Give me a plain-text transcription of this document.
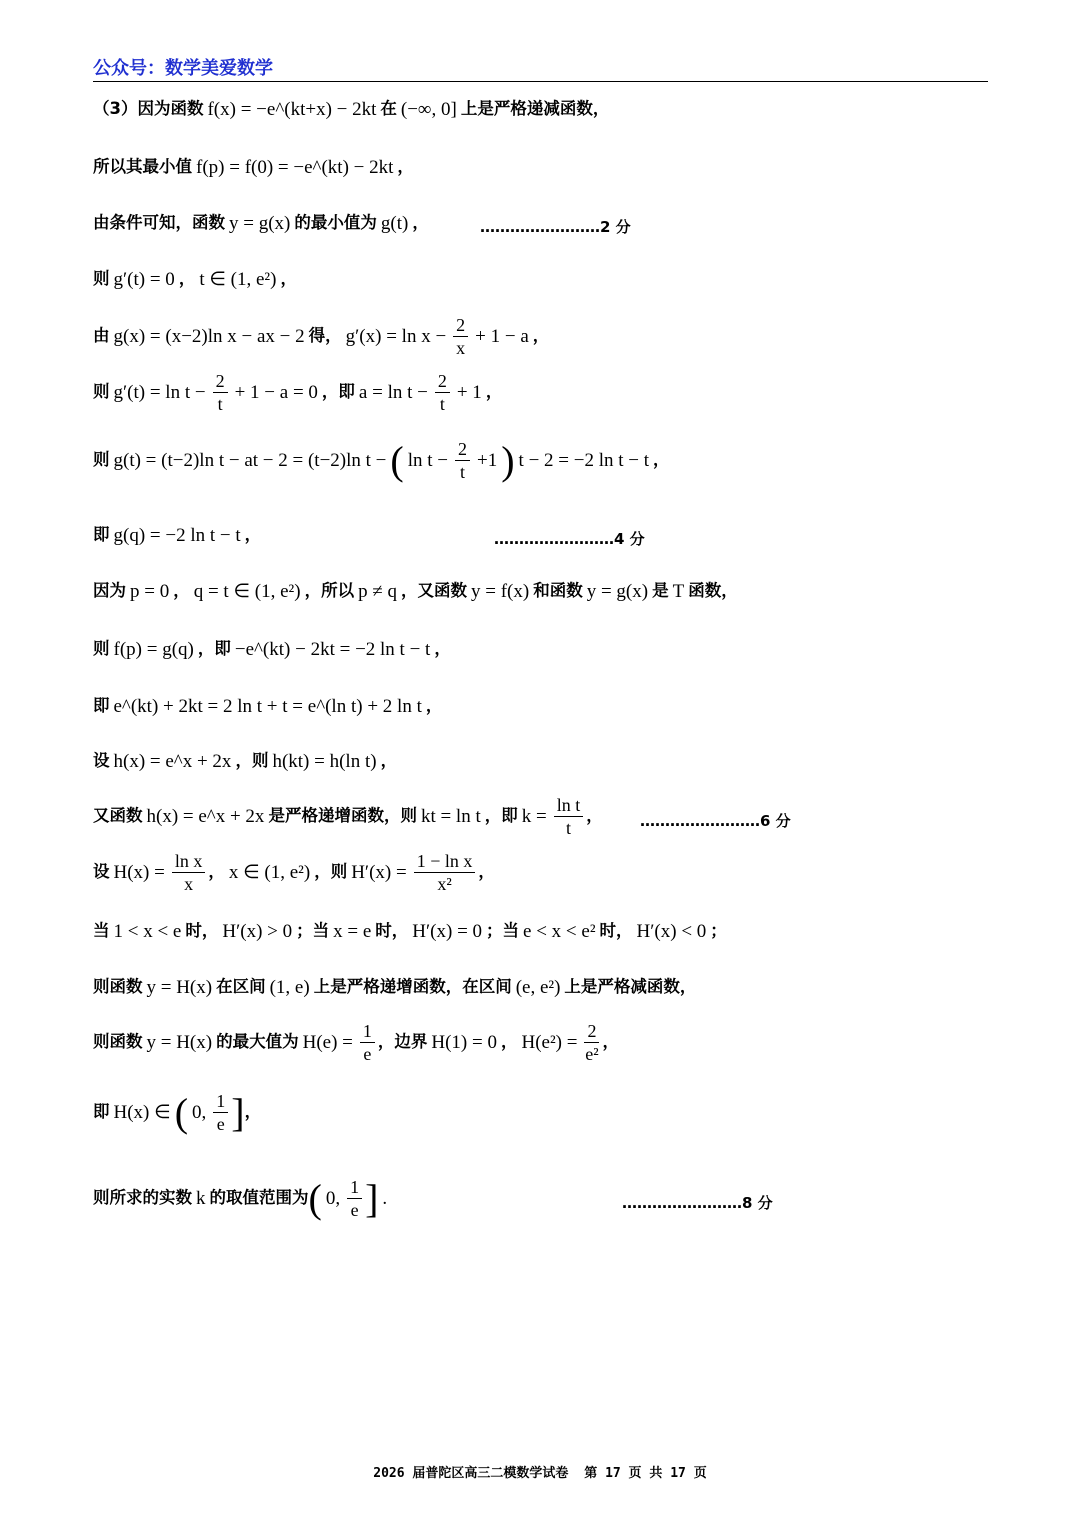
公众号：数学美爱数学
（3）因为函数 f(x) = −e^(kt+x) − 2kt 在 (−∞, 0] 上是严格递减函数，
所以其最小值 f(p) = f(0) = −e^(kt) − 2kt ，
由条件可知，函数 y = g(x) 的最小值为 g(t) ，	……………………2 分
则 g′(t) = 0 ， t ∈ (1, e²) ，
由 g(x) = (x−2)ln x − ax − 2 得， $g'(x) = \ln x - \frac{2}{x} + 1 - a$ ，
则 $g'(t) = \ln t - \frac{2}{t} + 1 - a = 0$ ，即 $a = \ln t - \frac{2}{t} + 1$ ，
则 g(t) = (t−2)ln t − at − 2 = (t−2)ln t − ( $\ln t - \frac{2}{t} +1$ ) t − 2 = −2 ln t − t ，
即 g(q) = −2 ln t − t ，	……………………4 分
因为 p = 0 ， q = t ∈ (1, e²) ，所以 p ≠ q ，又函数 y = f(x) 和函数 y = g(x) 是 T 函数，
则 f(p) = g(q) ，即 −e^(kt) − 2kt = −2 ln t − t ，
即 e^(kt) + 2kt = 2 ln t + t = e^(ln t) + 2 ln t ，
设 h(x) = e^x + 2x ，则 h(kt) = h(ln t) ，
又函数 h(x) = e^x + 2x 是严格递增函数，则 kt = ln t ，即 $k = \frac{\text{ln t}}{t}$ ， ……………………6 分
设 $H(x) = \frac{\text{ln x}}{x}$ ， x ∈ (1, e²) ，则 $H'(x) = \frac{\text{1 − ln x}}{\text{x²}}$ ，
当 1 < x < e 时， H′(x) > 0 ；当 x = e 时， H′(x) = 0 ；当 e < x < e² 时， H′(x) < 0 ；
则函数 y = H(x) 在区间 (1, e) 上是严格递增函数，在区间 (e, e²) 上是严格减函数，
则函数 y = H(x) 的最大值为 $H(e) = \frac{1}{e}$ ，边界 H(1) = 0 ， $H(e^2) = \frac{2}{\text{e²}}$ ，
即 H(x) ∈ ( 0, $\frac{1}{e}$ ] ，
则所求的实数 k 的取值范围为 ( 0, $\frac{1}{e}$ ] .	……………………8 分
2026 届普陀区高三二模数学试卷 第 17 页 共 17 页
